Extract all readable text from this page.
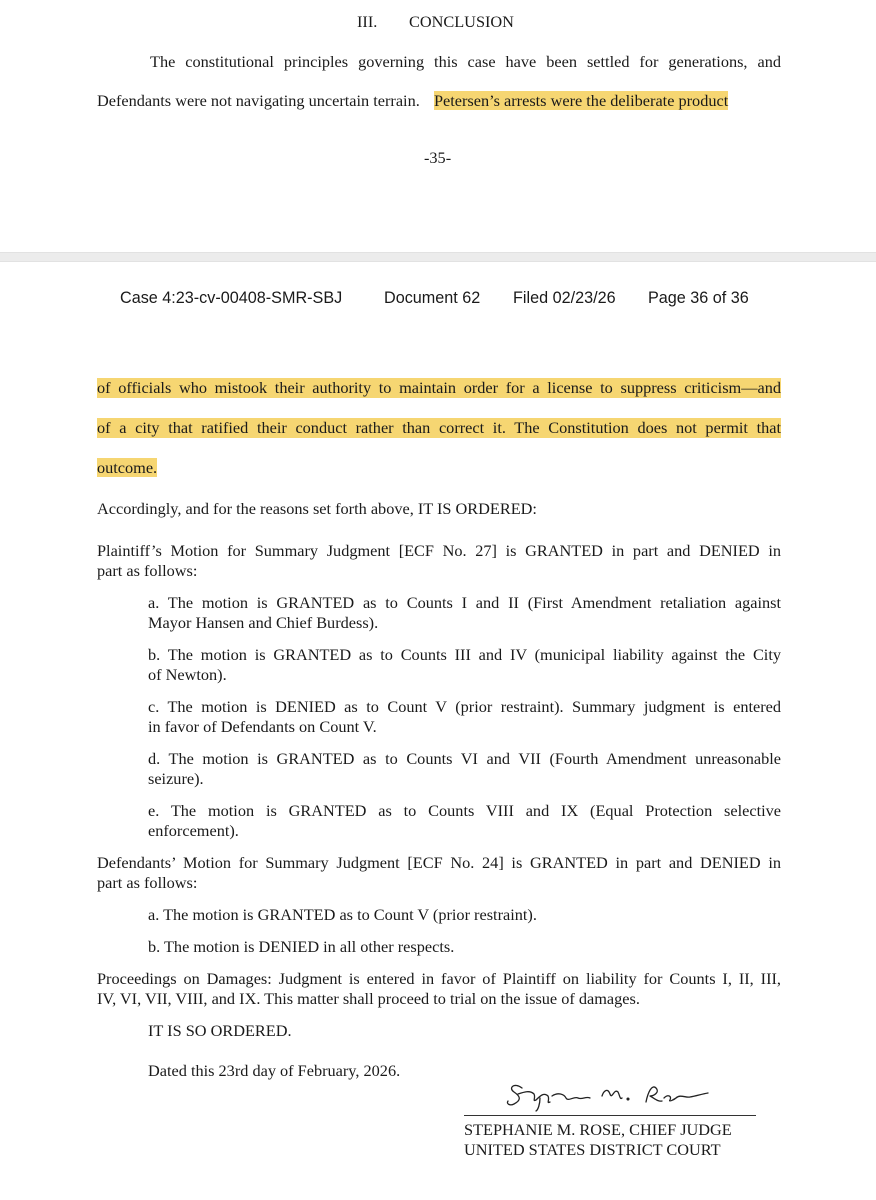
III. CONCLUSION
The constitutional principles governing this case have been settled for generations, and
Defendants were not navigating uncertain terrain. Petersen’s arrests were the deliberate product
-35-
Case 4:23-cv-00408-SMR-SBJ	Document 62 Filed 02/23/26 Page 36 of 36
of officials who mistook their authority to maintain order for a license to suppress criticism—and
of a city that ratified their conduct rather than correct it. The Constitution does not permit that
outcome.
Accordingly, and for the reasons set forth above, IT IS ORDERED:
Plaintiff’s Motion for Summary Judgment [ECF No. 27] is GRANTED in part and DENIED in
part as follows:
a. The motion is GRANTED as to Counts I and II (First Amendment retaliation against
Mayor Hansen and Chief Burdess).
b. The motion is GRANTED as to Counts III and IV (municipal liability against the City
of Newton).
c. The motion is DENIED as to Count V (prior restraint). Summary judgment is entered
in favor of Defendants on Count V.
d. The motion is GRANTED as to Counts VI and VII (Fourth Amendment unreasonable
seizure).
e. The motion is GRANTED as to Counts VIII and IX (Equal Protection selective
enforcement).
Defendants’ Motion for Summary Judgment [ECF No. 24] is GRANTED in part and DENIED in
part as follows:
a. The motion is GRANTED as to Count V (prior restraint).
b. The motion is DENIED in all other respects.
Proceedings on Damages: Judgment is entered in favor of Plaintiff on liability for Counts I, II, III,
IV, VI, VII, VIII, and IX. This matter shall proceed to trial on the issue of damages.
IT IS SO ORDERED.
Dated this 23rd day of February, 2026.
STEPHANIE M. ROSE, CHIEF JUDGE
UNITED STATES DISTRICT COURT
